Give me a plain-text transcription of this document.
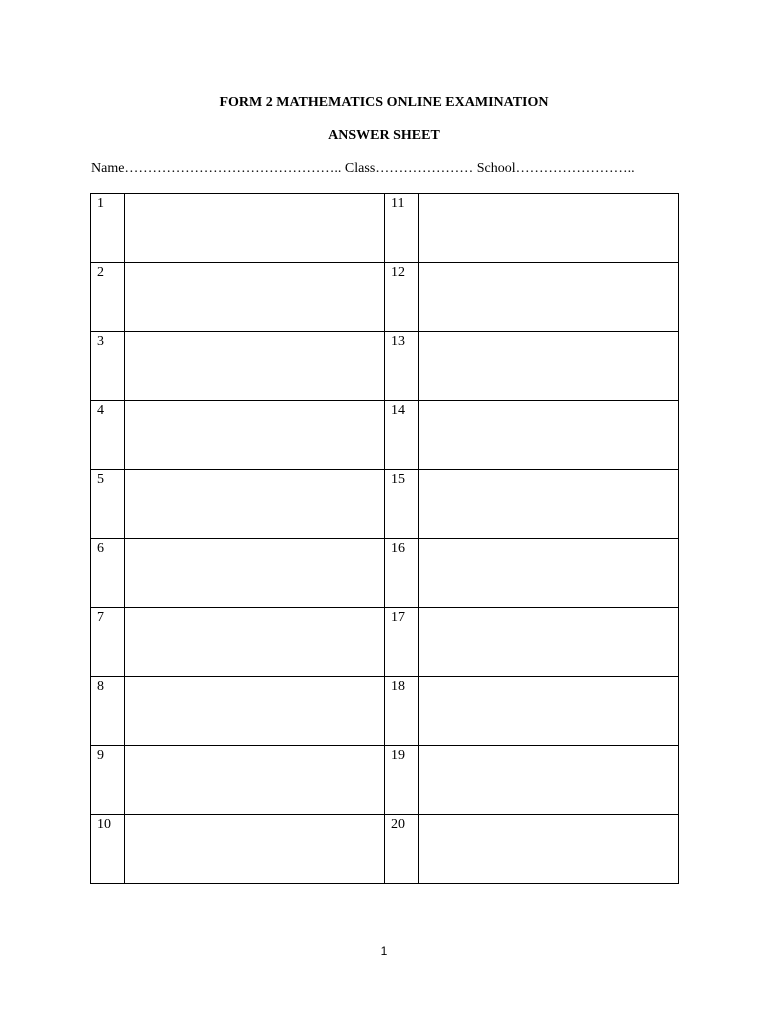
FORM 2 MATHEMATICS ONLINE EXAMINATION
ANSWER SHEET
Name……………………………………….. Class………………… School……………………..
1		11	

2		12	

3		13	

4		14	

5		15	

6		16	

7		17	

8		18	

9		19	

10		20	

1
